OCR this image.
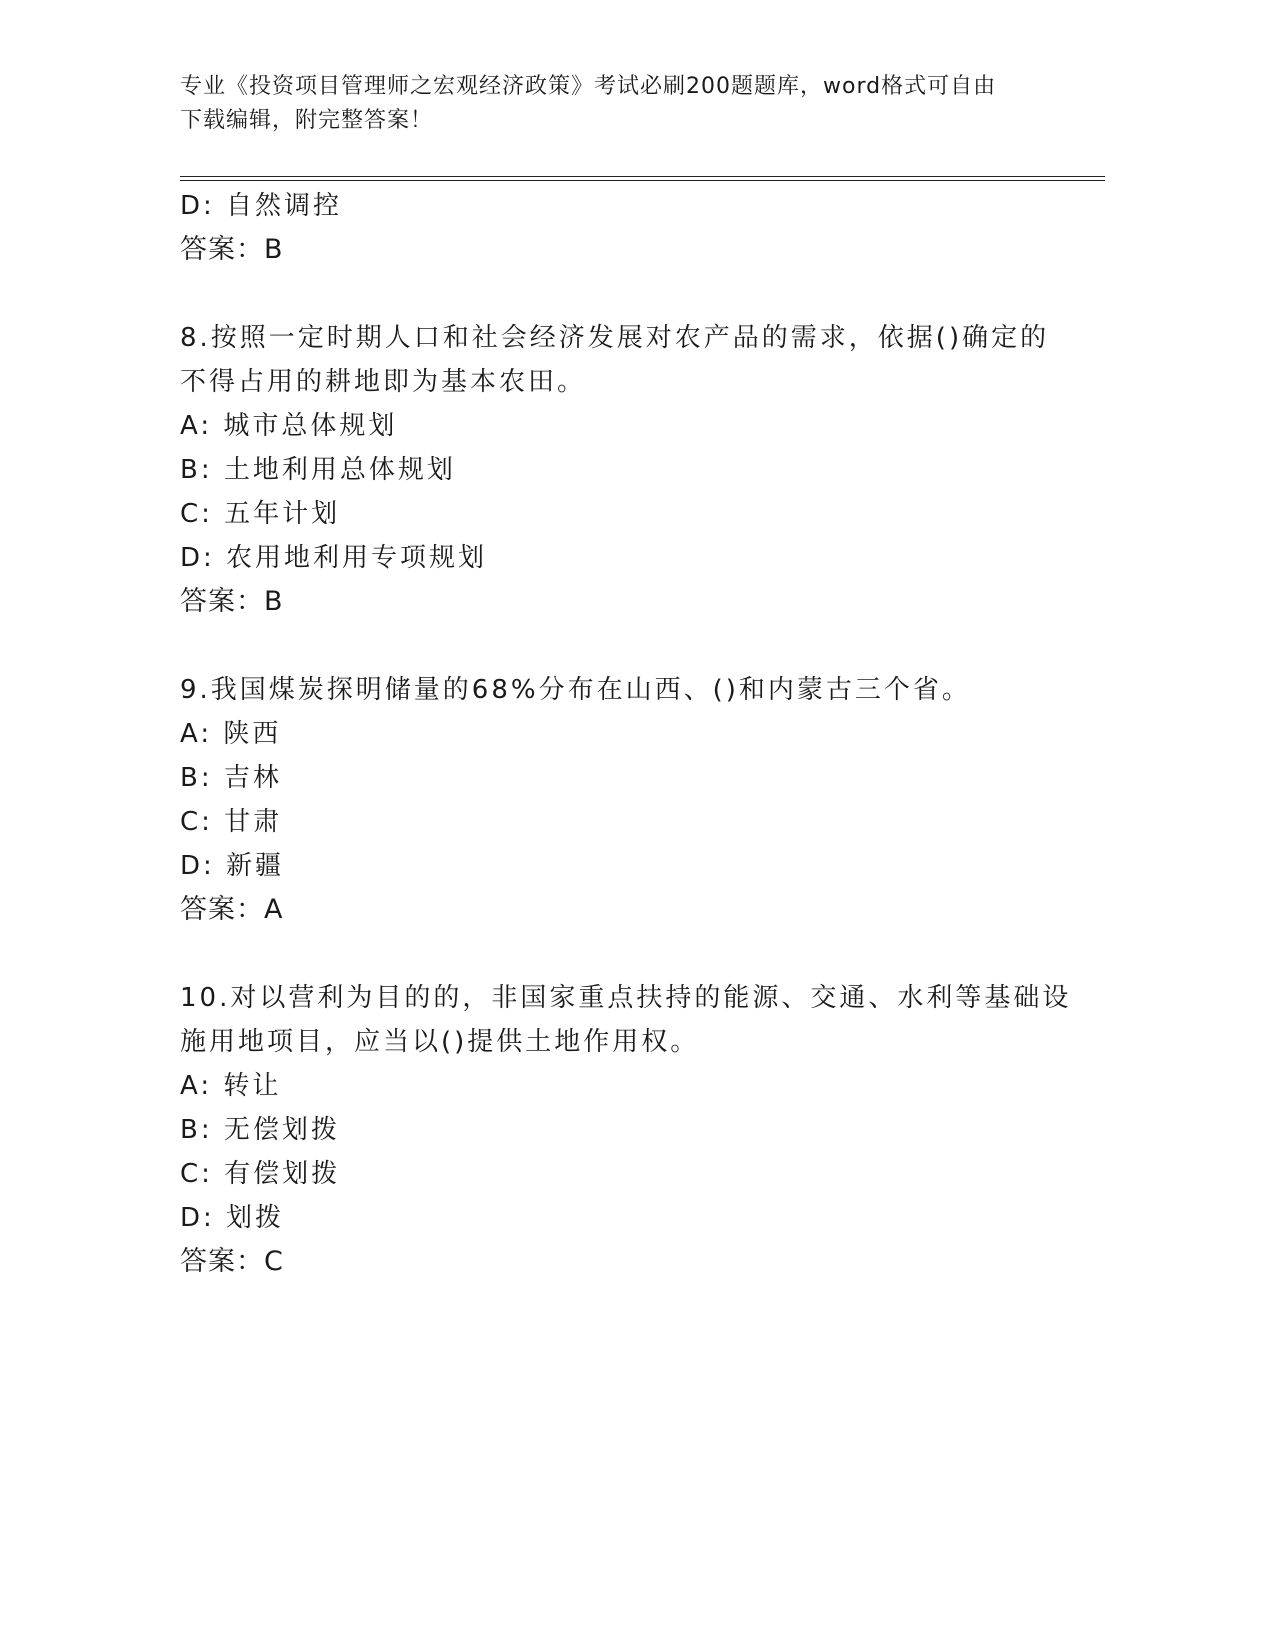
专业《投资项目管理师之宏观经济政策》考试必刷200题题库，word格式可自由
下载编辑，附完整答案！
D: 自然调控
答案：B
8.按照一定时期人口和社会经济发展对农产品的需求，依据()确定的
不得占用的耕地即为基本农田。
A: 城市总体规划
B: 土地利用总体规划
C: 五年计划
D: 农用地利用专项规划
答案：B
9.我国煤炭探明储量的68%分布在山西、()和内蒙古三个省。
A: 陕西
B: 吉林
C: 甘肃
D: 新疆
答案：A
10.对以营利为目的的，非国家重点扶持的能源、交通、水利等基础设
施用地项目，应当以()提供土地作用权。
A: 转让
B: 无偿划拨
C: 有偿划拨
D: 划拨
答案：C
